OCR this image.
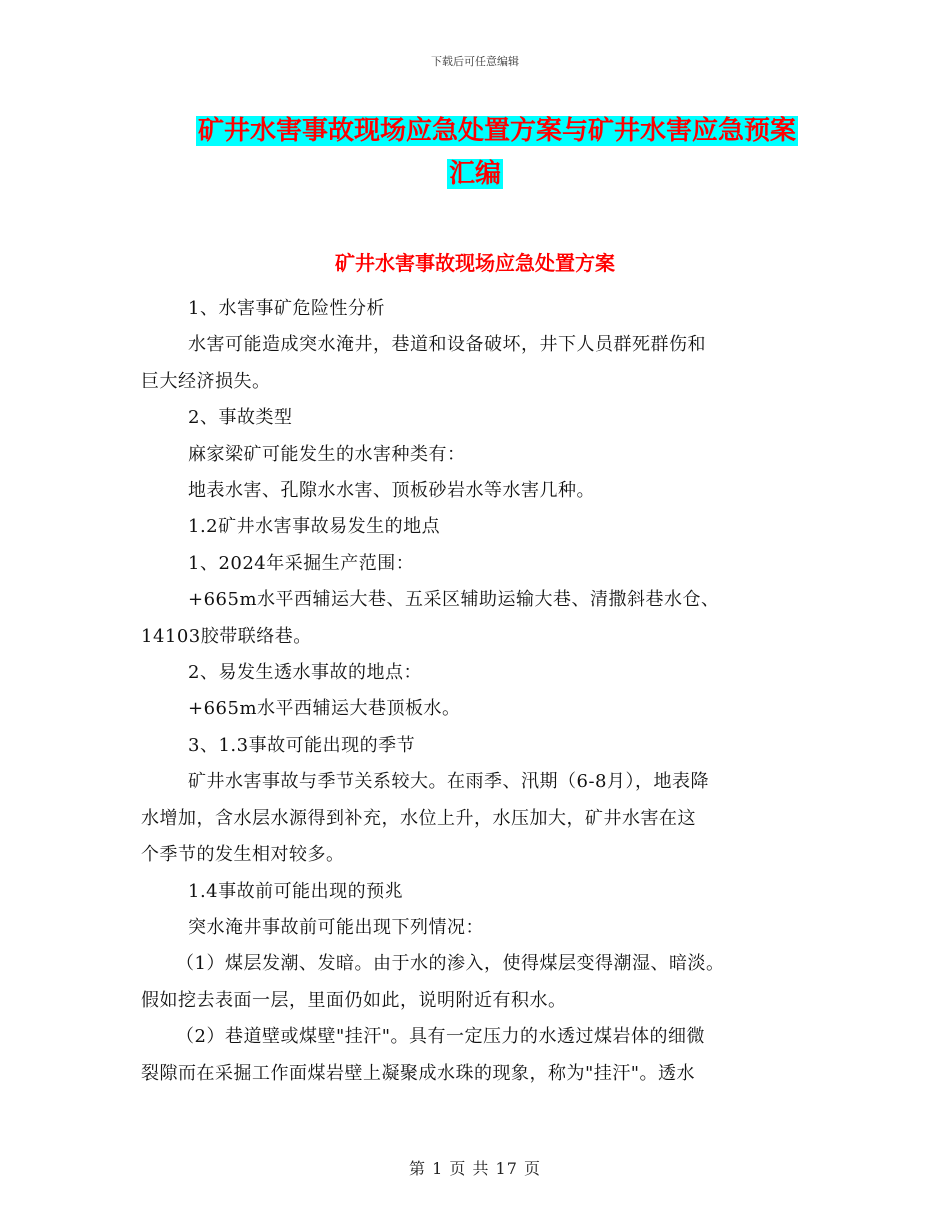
下载后可任意编辑
矿井水害事故现场应急处置方案与矿井水害应急预案
汇编
矿井水害事故现场应急处置方案

1、水害事矿危险性分析

水害可能造成突水淹井，巷道和设备破坏，井下人员群死群伤和

巨大经济损失。

2、事故类型

麻家梁矿可能发生的水害种类有：

地表水害、孔隙水水害、顶板砂岩水等水害几种。

1.2矿井水害事故易发生的地点

1、2024年采掘生产范围：

+665m水平西辅运大巷、五采区辅助运输大巷、清撒斜巷水仓、

14103胶带联络巷。

2、易发生透水事故的地点：

+665m水平西辅运大巷顶板水。

3、1.3事故可能出现的季节

矿井水害事故与季节关系较大。在雨季、汛期（6-8月），地表降

水增加，含水层水源得到补充，水位上升，水压加大，矿井水害在这

个季节的发生相对较多。

1.4事故前可能出现的预兆

突水淹井事故前可能出现下列情况：

（1）煤层发潮、发暗。由于水的渗入，使得煤层变得潮湿、暗淡。

假如挖去表面一层，里面仍如此，说明附近有积水。

（2）巷道壁或煤壁"挂汗"。具有一定压力的水透过煤岩体的细微

裂隙而在采掘工作面煤岩壁上凝聚成水珠的现象，称为"挂汗"。透水

第 1 页 共 17 页
